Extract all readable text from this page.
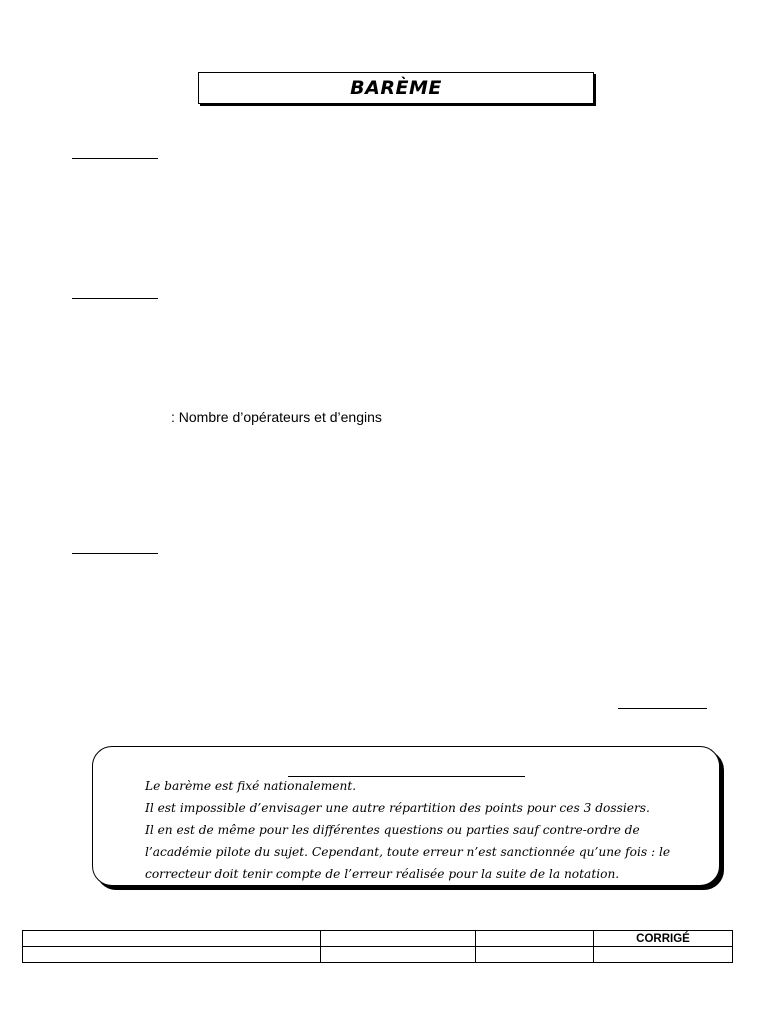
BARÈME
: Nombre d’opérateurs et d’engins
Le barème est fixé nationalement.
Il est impossible d’envisager une autre répartition des points pour ces 3 dossiers.
Il en est de même pour les différentes questions ou parties sauf contre-ordre de
l’académie pilote du sujet. Cependant, toute erreur n’est sanctionnée qu’une fois : le
correcteur doit tenir compte de l’erreur réalisée pour la suite de la notation.
			CORRIGÉ
